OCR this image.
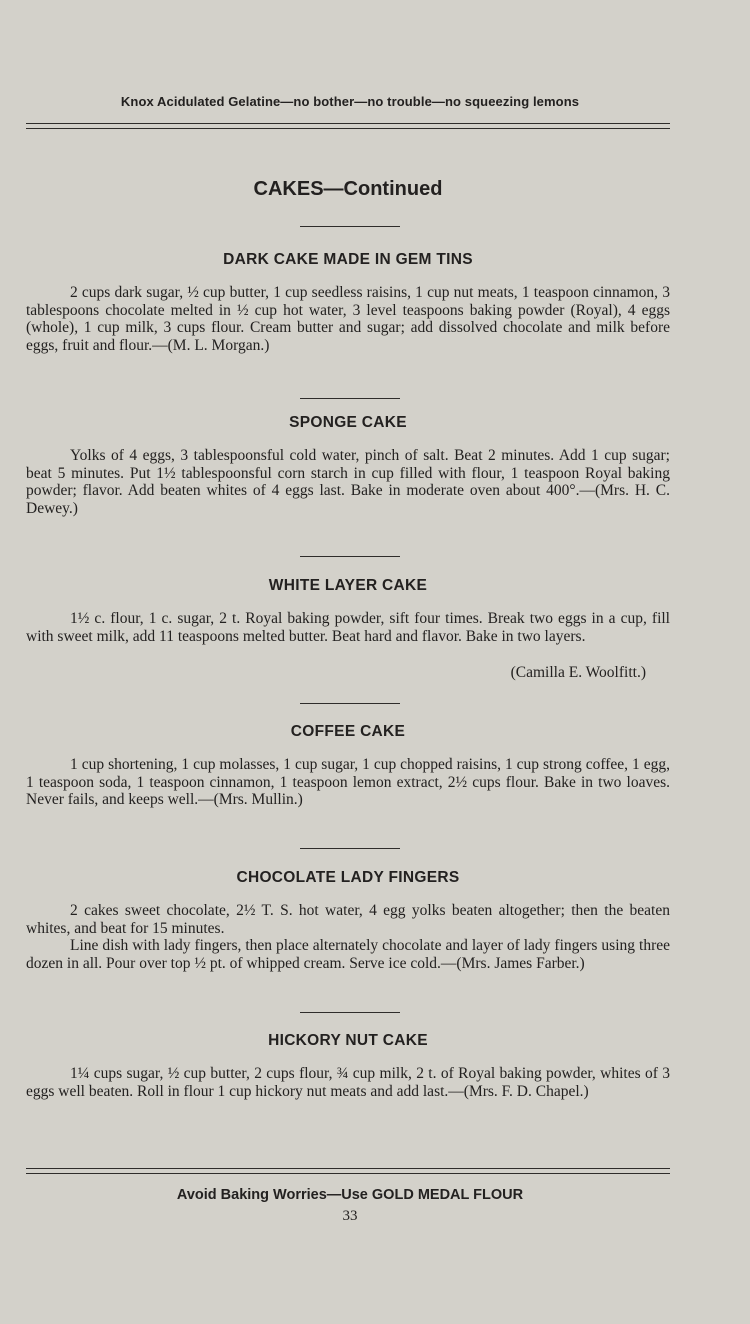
Knox Acidulated Gelatine—no bother—no trouble—no squeezing lemons
CAKES—Continued
DARK CAKE MADE IN GEM TINS

2 cups dark sugar, ½ cup butter, 1 cup seedless raisins, 1 cup nut meats, 1 teaspoon cinnamon, 3 tablespoons chocolate melted in ½ cup hot water, 3 level teaspoons baking powder (Royal), 4 eggs (whole), 1 cup milk, 3 cups flour. Cream butter and sugar; add dissolved chocolate and milk before eggs, fruit and flour.—(M. L. Morgan.)

SPONGE CAKE

Yolks of 4 eggs, 3 tablespoonsful cold water, pinch of salt. Beat 2 minutes. Add 1 cup sugar; beat 5 minutes. Put 1½ tablespoonsful corn starch in cup filled with flour, 1 teaspoon Royal baking powder; flavor. Add beaten whites of 4 eggs last. Bake in moderate oven about 400°.—(Mrs. H. C. Dewey.)

WHITE LAYER CAKE

1½ c. flour, 1 c. sugar, 2 t. Royal baking powder, sift four times. Break two eggs in a cup, fill with sweet milk, add 11 teaspoons melted butter. Beat hard and flavor. Bake in two layers.

(Camilla E. Woolfitt.)
COFFEE CAKE

1 cup shortening, 1 cup molasses, 1 cup sugar, 1 cup chopped raisins, 1 cup strong coffee, 1 egg, 1 teaspoon soda, 1 teaspoon cinnamon, 1 teaspoon lemon extract, 2½ cups flour. Bake in two loaves. Never fails, and keeps well.—(Mrs. Mullin.)

CHOCOLATE LADY FINGERS

2 cakes sweet chocolate, 2½ T. S. hot water, 4 egg yolks beaten altogether; then the beaten whites, and beat for 15 minutes.

Line dish with lady fingers, then place alternately chocolate and layer of lady fingers using three dozen in all. Pour over top ½ pt. of whipped cream. Serve ice cold.—(Mrs. James Farber.)

HICKORY NUT CAKE

1¼ cups sugar, ½ cup butter, 2 cups flour, ¾ cup milk, 2 t. of Royal baking powder, whites of 3 eggs well beaten. Roll in flour 1 cup hickory nut meats and add last.—(Mrs. F. D. Chapel.)

Avoid Baking Worries—Use GOLD MEDAL FLOUR
33
